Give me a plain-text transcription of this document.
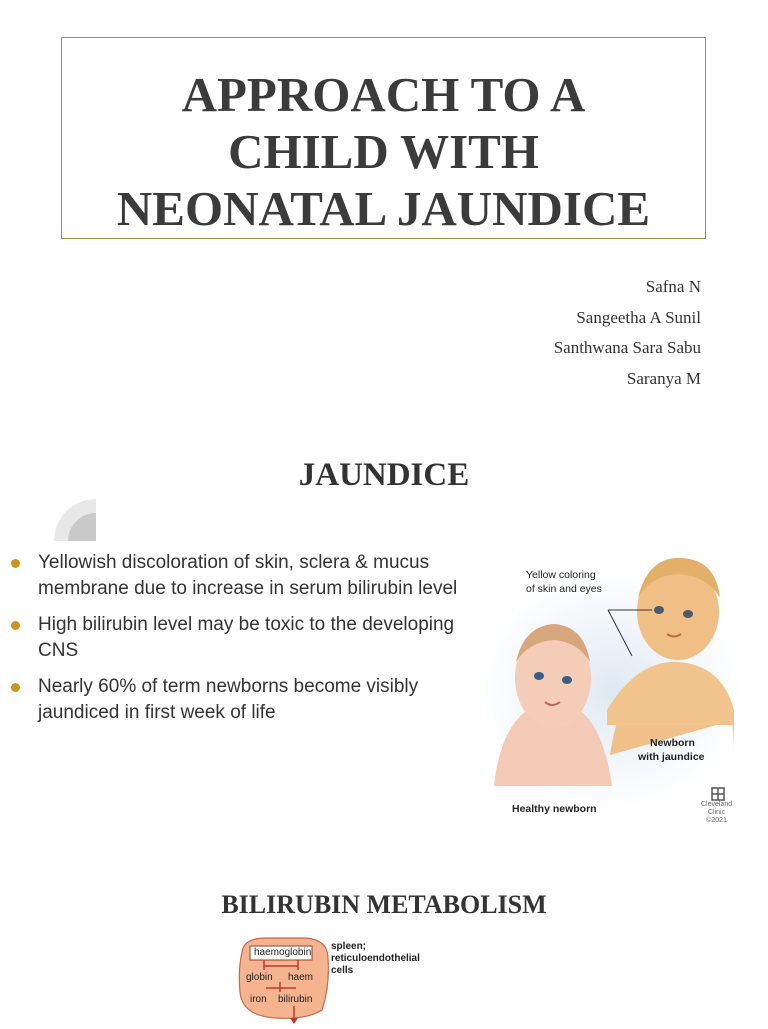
APPROACH TO A
CHILD WITH
NEONATAL JAUNDICE
Safna N
Sangeetha A Sunil
Santhwana Sara Sabu
Saranya M
JAUNDICE
Yellowish discoloration of skin, sclera & mucus membrane due to increase in serum bilirubin level
High bilirubin level may be toxic to the developing CNS
Nearly 60% of term newborns become visibly jaundiced in first week of life
Yellow coloring
of skin and eyes
Newborn
with jaundice
Healthy newborn	Cleveland
Clinic
©2021
BILIRUBIN METABOLISM
haemoglobin
globin haem
iron bilirubin
spleen;
reticuloendothelial
cells
